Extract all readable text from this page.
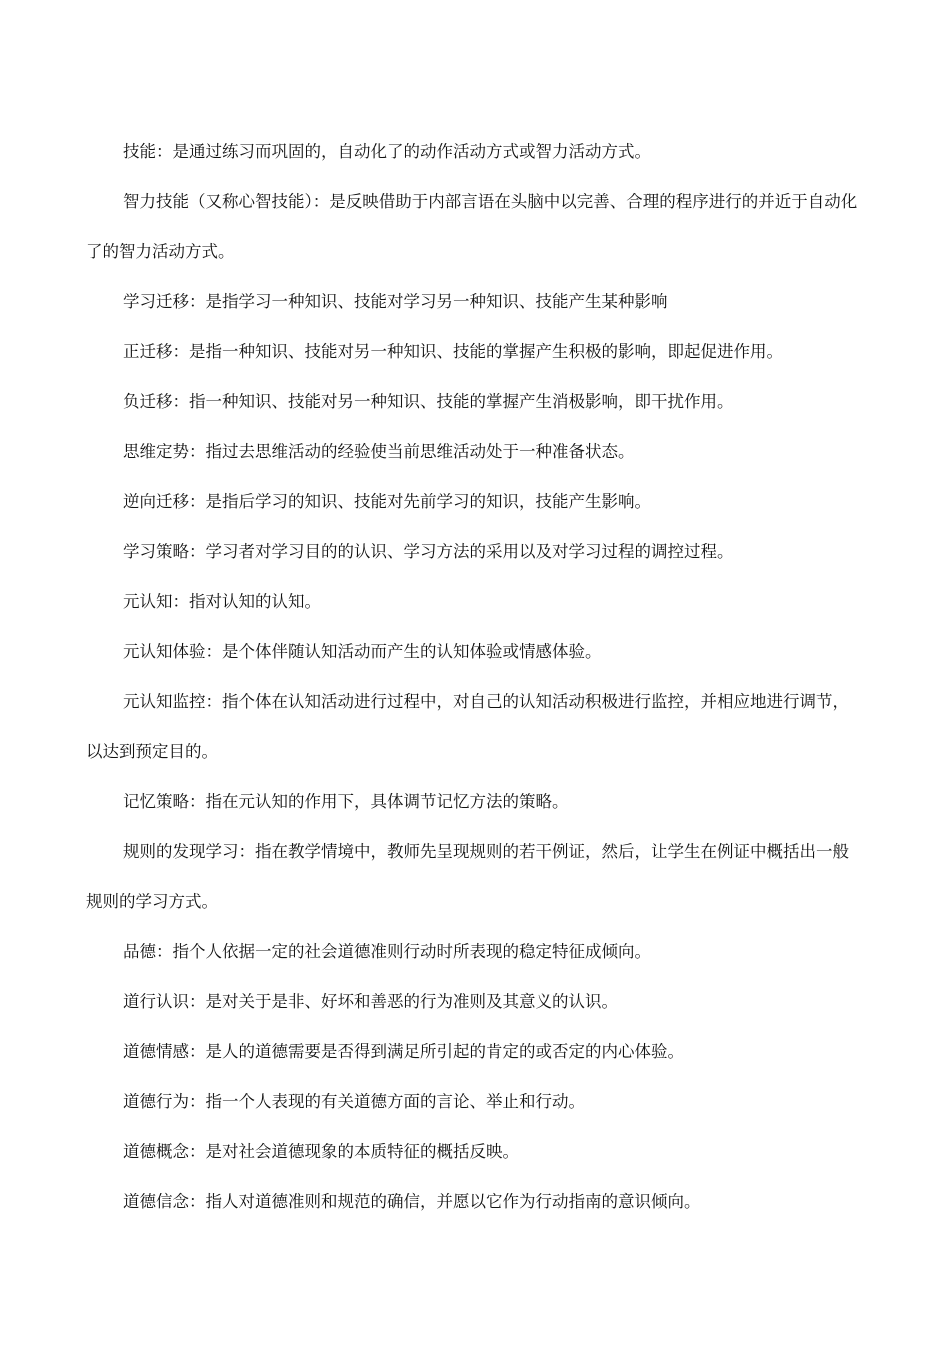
技能：是通过练习而巩固的，自动化了的动作活动方式或智力活动方式。

智力技能（又称心智技能）：是反映借助于内部言语在头脑中以完善、合理的程序进行的并近于自动化了的智力活动方式。

学习迁移：是指学习一种知识、技能对学习另一种知识、技能产生某种影响

正迁移：是指一种知识、技能对另一种知识、技能的掌握产生积极的影响，即起促进作用。

负迁移：指一种知识、技能对另一种知识、技能的掌握产生消极影响，即干扰作用。

思维定势：指过去思维活动的经验使当前思维活动处于一种准备状态。

逆向迁移：是指后学习的知识、技能对先前学习的知识，技能产生影响。

学习策略：学习者对学习目的的认识、学习方法的采用以及对学习过程的调控过程。

元认知：指对认知的认知。

元认知体验：是个体伴随认知活动而产生的认知体验或情感体验。

元认知监控：指个体在认知活动进行过程中，对自己的认知活动积极进行监控，并相应地进行调节，以达到预定目的。

记忆策略：指在元认知的作用下，具体调节记忆方法的策略。

规则的发现学习：指在教学情境中，教师先呈现规则的若干例证，然后，让学生在例证中概括出一般规则的学习方式。

品德：指个人依据一定的社会道德准则行动时所表现的稳定特征成倾向。

道行认识：是对关于是非、好坏和善恶的行为准则及其意义的认识。

道德情感：是人的道德需要是否得到满足所引起的肯定的或否定的内心体验。

道德行为：指一个人表现的有关道德方面的言论、举止和行动。

道德概念：是对社会道德现象的本质特征的概括反映。

道德信念：指人对道德准则和规范的确信，并愿以它作为行动指南的意识倾向。
